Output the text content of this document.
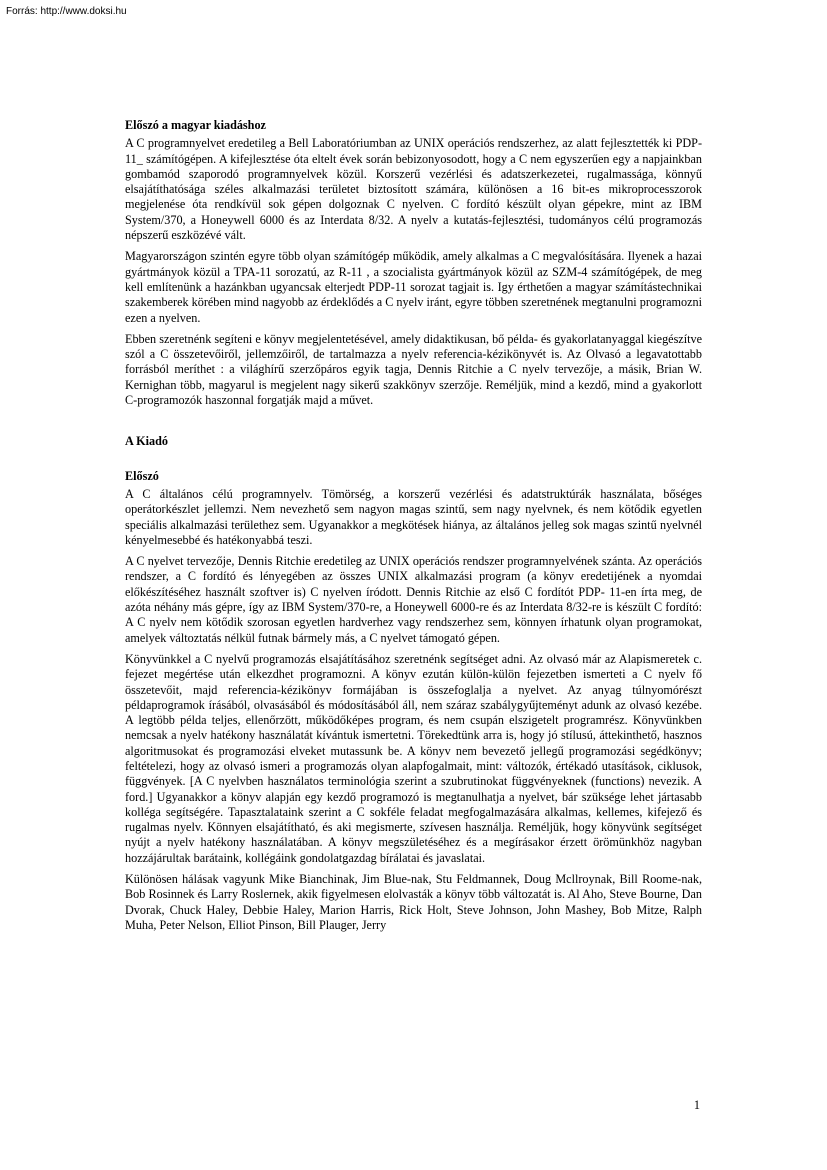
Forrás: http://www.doksi.hu
Előszó a magyar kiadáshoz

A C programnyelvet eredetileg a Bell Laboratóriumban az UNIX operációs rendszerhez, az alatt fejlesztették ki PDP-11_ számítógépen. A kifejlesztése óta eltelt évek során bebizonyosodott, hogy a C nem egyszerűen egy a napjainkban gombamód szaporodó programnyelvek közül. Korszerű vezérlési és adatszerkezetei, rugalmassága, könnyű elsajátíthatósága széles alkalmazási területet biztosított számára, különösen a 16 bit-es mikroprocesszorok megjelenése óta rendkívül sok gépen dolgoznak C nyelven. C fordító készült olyan gépekre, mint az IBM System/370, a Honeywell 6000 és az Interdata 8/32. A nyelv a kutatás-fejlesztési, tudományos célú programozás népszerű eszközévé vált.

Magyarországon szintén egyre több olyan számítógép működik, amely alkalmas a C megvalósítására. Ilyenek a hazai gyártmányok közül a TPA-11 sorozatú, az R-11 , a szocialista gyártmányok közül az SZM-4 számítógépek, de meg kell említenünk a hazánkban ugyancsak elterjedt PDP-11 sorozat tagjait is. Igy érthetően a magyar számítástechnikai szakemberek körében mind nagyobb az érdeklődés a C nyelv iránt, egyre többen szeretnének megtanulni programozni ezen a nyelven.

Ebben szeretnénk segíteni e könyv megjelentetésével, amely didaktikusan, bő példa- és gyakorlatanyaggal kiegészítve szól a C összetevőiről, jellemzőiről, de tartalmazza a nyelv referencia-kézikönyvét is. Az Olvasó a legavatottabb forrásból meríthet : a világhírű szerzőpáros egyik tagja, Dennis Ritchie a C nyelv tervezője, a másik, Brian W. Kernighan több, magyarul is megjelent nagy sikerű szakkönyv szerzője. Reméljük, mind a kezdő, mind a gyakorlott C-programozók haszonnal forgatják majd a művet.

A Kiadó
Előszó

A C általános célú programnyelv. Tömörség, a korszerű vezérlési és adatstruktúrák használata, bőséges operátorkészlet jellemzi. Nem nevezhető sem nagyon magas szintű, sem nagy nyelvnek, és nem kötődik egyetlen speciális alkalmazási területhez sem. Ugyanakkor a megkötések hiánya, az általános jelleg sok magas szintű nyelvnél kényelmesebbé és hatékonyabbá teszi.

A C nyelvet tervezője, Dennis Ritchie eredetileg az UNIX operációs rendszer programnyelvének szánta. Az operációs rendszer, a C fordító és lényegében az összes UNIX alkalmazási program (a könyv eredetijének a nyomdai előkészítéséhez használt szoftver is) C nyelven íródott. Dennis Ritchie az első C fordítót PDP- 11-en írta meg, de azóta néhány más gépre, így az IBM System/370-re, a Honeywell 6000-re és az Interdata 8/32-re is készült C fordító: A C nyelv nem kötődik szorosan egyetlen hardverhez vagy rendszerhez sem, könnyen írhatunk olyan programokat, amelyek változtatás nélkül futnak bármely más, a C nyelvet támogató gépen.

Könyvünkkel a C nyelvű programozás elsajátításához szeretnénk segítséget adni. Az olvasó már az Alapismeretek c. fejezet megértése után elkezdhet programozni. A könyv ezután külön-külön fejezetben ismerteti a C nyelv fő összetevőit, majd referencia-kézikönyv formájában is összefoglalja a nyelvet. Az anyag túlnyomórészt példaprogramok írásából, olvasásából és módosításából áll, nem száraz szabálygyűjteményt adunk az olvasó kezébe. A legtöbb példa teljes, ellenőrzött, működőképes program, és nem csupán elszigetelt programrész. Könyvünkben nemcsak a nyelv hatékony használatát kívántuk ismertetni. Törekedtünk arra is, hogy jó stílusú, áttekinthető, hasznos algoritmusokat és programozási elveket mutassunk be. A könyv nem bevezető jellegű programozási segédkönyv; feltételezi, hogy az olvasó ismeri a programozás olyan alapfogalmait, mint: változók, értékadó utasítások, ciklusok, függvények. [A C nyelvben használatos terminológia szerint a szubrutinokat függvényeknek (functions) nevezik. A ford.] Ugyanakkor a könyv alapján egy kezdő programozó is megtanulhatja a nyelvet, bár szüksége lehet jártasabb kolléga segítségére. Tapasztalataink szerint a C sokféle feladat megfogalmazására alkalmas, kellemes, kifejező és rugalmas nyelv. Könnyen elsajátítható, és aki megismerte, szívesen használja. Reméljük, hogy könyvünk segítséget nyújt a nyelv hatékony használatában. A könyv megszületéséhez és a megírásakor érzett örömünkhöz nagyban hozzájárultak barátaink, kollégáink gondolatgazdag bírálatai és javaslatai.

Különösen hálásak vagyunk Mike Bianchinak, Jim Blue-nak, Stu Feldmannek, Doug Mcllroynak, Bill Roome-nak, Bob Rosinnek és Larry Roslernek, akik figyelmesen elolvasták a könyv több változatát is. Al Aho, Steve Bourne, Dan Dvorak, Chuck Haley, Debbie Haley, Marion Harris, Rick Holt, Steve Johnson, John Mashey, Bob Mitze, Ralph Muha, Peter Nelson, Elliot Pinson, Bill Plauger, Jerry

1
